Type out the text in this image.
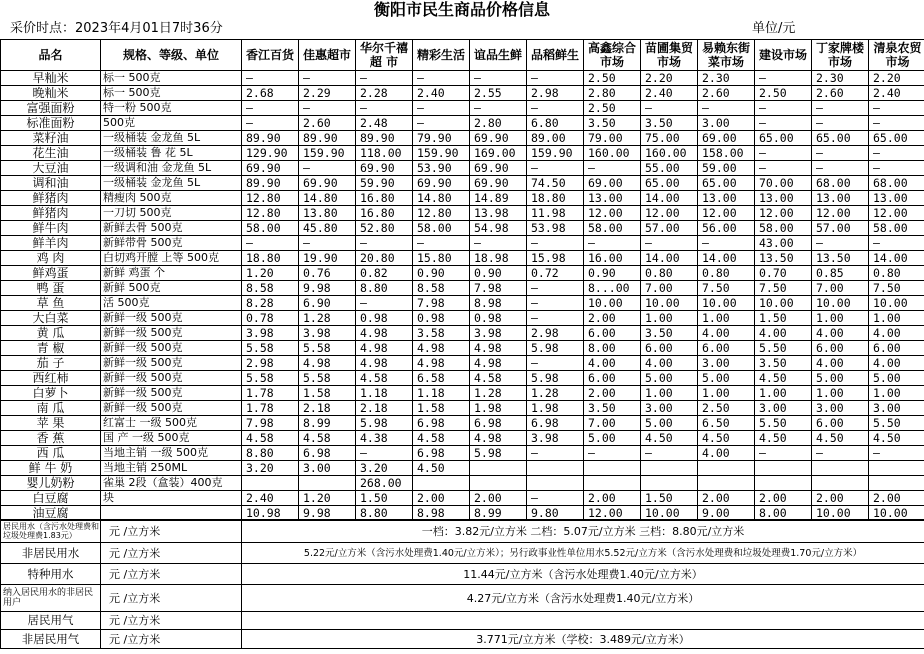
衡阳市民生商品价格信息
采价时点：2023年4月01日7时36分	单位/元
品名	规格、等级、单位	香江百货	佳惠超市	华尔千禧超 市	精彩生活	谊品生鲜	品稻鲜生	高鑫综合市场	苗圃集贸市场	易赖东街菜市场	建设市场	丁家牌楼市场	清泉农贸市场
早籼米	标一 500克	—	—	—	—	—	—	2.50	2.20	2.30	—	2.30	2.20
晚籼米	标一 500克	2.68	2.29	2.28	2.40	2.55	2.98	2.80	2.40	2.60	2.50	2.60	2.40
富强面粉	特一粉 500克	—	—	—	—	—	—	2.50	—	—	—	—	—
标准面粉	500克	—	2.60	2.48	—	2.80	6.80	3.50	3.50	3.00	—	—	—
菜籽油	一级桶装 金龙鱼 5L	89.90	89.90	89.90	79.90	69.90	89.00	79.00	75.00	69.00	65.00	65.00	65.00
花生油	一级桶装 鲁 花 5L	129.90	159.90	118.00	159.90	169.00	159.90	160.00	160.00	158.00	—	—	—
大豆油	一级调和油 金龙鱼 5L	69.90	—	69.90	53.90	69.90	—	—	55.00	59.00	—	—	—
调和油	一级桶装 金龙鱼 5L	89.90	69.90	59.90	69.90	69.90	74.50	69.00	65.00	65.00	70.00	68.00	68.00
鲜猪肉	精瘦肉 500克	12.80	14.80	16.80	14.80	14.89	18.80	13.00	14.00	13.00	13.00	13.00	13.00
鲜猪肉	一刀切 500克	12.80	13.80	16.80	12.80	13.98	11.98	12.00	12.00	12.00	12.00	12.00	12.00
鲜牛肉	新鲜去骨 500克	58.00	45.80	52.80	58.00	54.98	53.98	58.00	57.00	56.00	58.00	57.00	58.00
鲜羊肉	新鲜带骨 500克	—	—	—	—	—	—	—	—	—	43.00	—	—
鸡 肉	白切鸡开膛 上等 500克	18.80	19.90	20.80	15.80	18.98	15.98	16.00	14.00	14.00	13.50	13.50	14.00
鲜鸡蛋	新鲜 鸡蛋 个	1.20	0.76	0.82	0.90	0.90	0.72	0.90	0.80	0.80	0.70	0.85	0.80
鸭 蛋	新鲜 500克	8.58	9.98	8.80	8.58	7.98	—	8...00	7.00	7.50	7.50	7.00	7.50
草 鱼	活 500克	8.28	6.90	—	7.98	8.98	—	10.00	10.00	10.00	10.00	10.00	10.00
大白菜	新鲜一级 500克	0.78	1.28	0.98	0.98	0.98	—	2.00	1.00	1.00	1.50	1.00	1.00
黄 瓜	新鲜一级 500克	3.98	3.98	4.98	3.58	3.98	2.98	6.00	3.50	4.00	4.00	4.00	4.00
青 椒	新鲜一级 500克	5.58	5.58	4.98	4.98	4.98	5.98	8.00	6.00	6.00	5.50	6.00	6.00
茄 子	新鲜一级 500克	2.98	4.98	4.98	4.98	4.98	—	4.00	4.00	3.00	3.50	4.00	4.00
西红柿	新鲜一级 500克	5.58	5.58	4.58	6.58	4.58	5.98	6.00	5.00	5.00	4.50	5.00	5.00
白萝卜	新鲜一级 500克	1.78	1.58	1.18	1.18	1.28	1.28	2.00	1.00	1.00	1.00	1.00	1.00
南 瓜	新鲜一级 500克	1.78	2.18	2.18	1.58	1.98	1.98	3.50	3.00	2.50	3.00	3.00	3.00
苹 果	红富士 一级 500克	7.98	8.99	5.98	6.98	6.98	6.98	7.00	5.00	6.50	5.50	6.00	5.50
香 蕉	国 产 一级 500克	4.58	4.58	4.38	4.58	4.98	3.98	5.00	4.50	4.50	4.50	4.50	4.50
西 瓜	当地主销 一级 500克	8.80	6.98	—	6.98	5.98	—	—	—	4.00	—	—	—
鲜 牛 奶	当地主销 250ML	3.20	3.00	3.20	4.50								
婴儿奶粉	雀巢 2段（盒装）400克			268.00									
白豆腐	块	2.40	1.20	1.50	2.00	2.00	—	2.00	1.50	2.00	2.00	2.00	2.00
油豆腐		10.98	9.98	8.80	8.98	8.99	9.80	12.00	10.00	9.00	8.00	10.00	10.00
居民用水（含污水处理费和垃圾处理费1.83元）	元 /立方米	一档：3.82元/立方米 二档：5.07元/立方米 三档：8.80元/立方米
非居民用水	元 /立方米	5.22元/立方米（含污水处理费1.40元/立方米）；另行政事业性单位用水5.52元/立方米（含污水处理费和垃圾处理费1.70元/立方米）
特种用水	元 /立方米	11.44元/立方米（含污水处理费1.40元/立方米）
纳入居民用水的非居民用户	元 /立方米	4.27元/立方米（含污水处理费1.40元/立方米）
居民用气	元 /立方米	
非居民用气	元 /立方米	3.771元/立方米（学校：3.489元/立方米）
